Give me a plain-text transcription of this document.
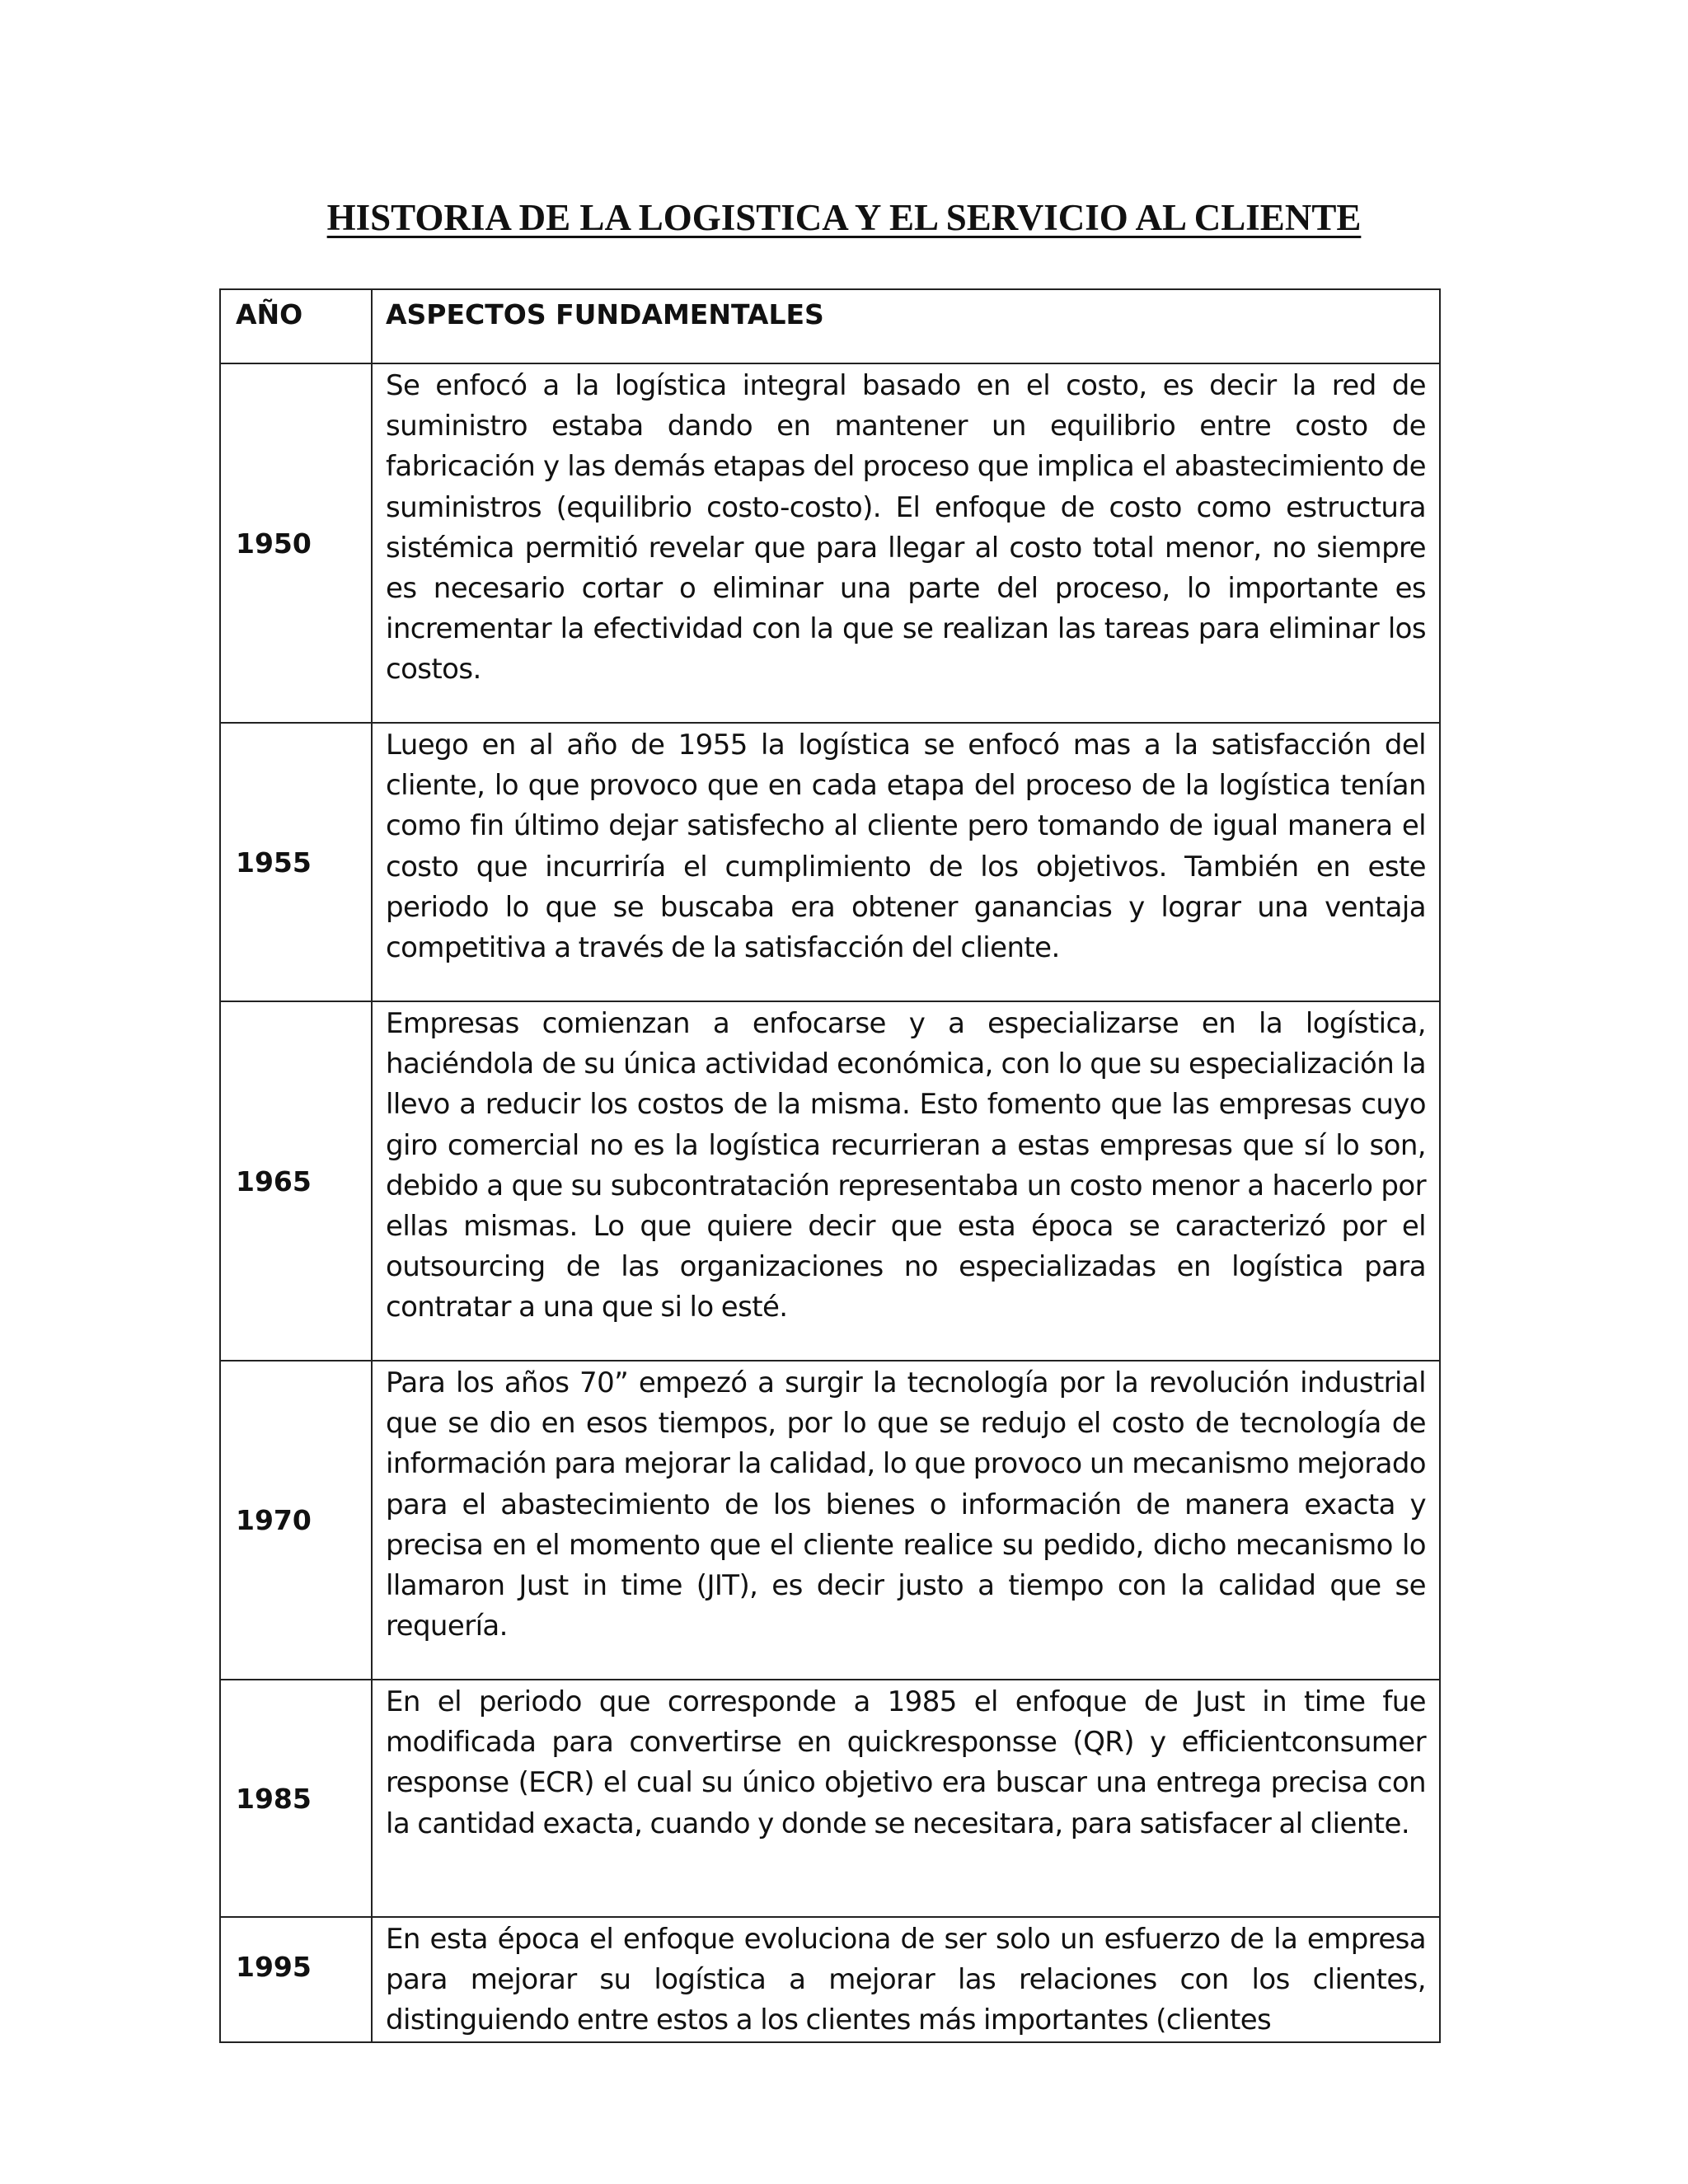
HISTORIA DE LA LOGISTICA Y EL SERVICIO AL CLIENTE
AÑO	ASPECTOS FUNDAMENTALES
1950	Se enfocó a la logística integral basado en el costo, es decir la red de suministro estaba dando en mantener un equilibrio entre costo de fabricación y las demás etapas del proceso que implica el abastecimiento de suministros (equilibrio costo-costo). El enfoque de costo como estructura sistémica permitió revelar que para llegar al costo total menor, no siempre es necesario cortar o eliminar una parte del proceso, lo importante es incrementar la efectividad con la que se realizan las tareas para eliminar los costos.
1955	Luego en al año de 1955 la logística se enfocó mas a la satisfacción del cliente, lo que provoco que en cada etapa del proceso de la logística tenían como fin último dejar satisfecho al cliente pero tomando de igual manera el costo que incurriría el cumplimiento de los objetivos. También en este periodo lo que se buscaba era obtener ganancias y lograr una ventaja competitiva a través de la satisfacción del cliente.
1965	Empresas comienzan a enfocarse y a especializarse en la logística, haciéndola de su única actividad económica, con lo que su especialización la llevo a reducir los costos de la misma. Esto fomento que las empresas cuyo giro comercial no es la logística recurrieran a estas empresas que sí lo son, debido a que su subcontratación representaba un costo menor a hacerlo por ellas mismas. Lo que quiere decir que esta época se caracterizó por el outsourcing de las organizaciones no especializadas en logística para contratar a una que si lo esté.
1970	Para los años 70” empezó a surgir la tecnología por la revolución industrial que se dio en esos tiempos, por lo que se redujo el costo de tecnología de información para mejorar la calidad, lo que provoco un mecanismo mejorado para el abastecimiento de los bienes o información de manera exacta y precisa en el momento que el cliente realice su pedido, dicho mecanismo lo llamaron Just in time (JIT), es decir justo a tiempo con la calidad que se requería.
1985	En el periodo que corresponde a 1985 el enfoque de Just in time fue modificada para convertirse en quickresponsse (QR) y efficientconsumer response (ECR) el cual su único objetivo era buscar una entrega precisa con la cantidad exacta, cuando y donde se necesitara, para satisfacer al cliente.
1995	En esta época el enfoque evoluciona de ser solo un esfuerzo de la empresa para mejorar su logística a mejorar las relaciones con los clientes, distinguiendo entre estos a los clientes más importantes (clientes
